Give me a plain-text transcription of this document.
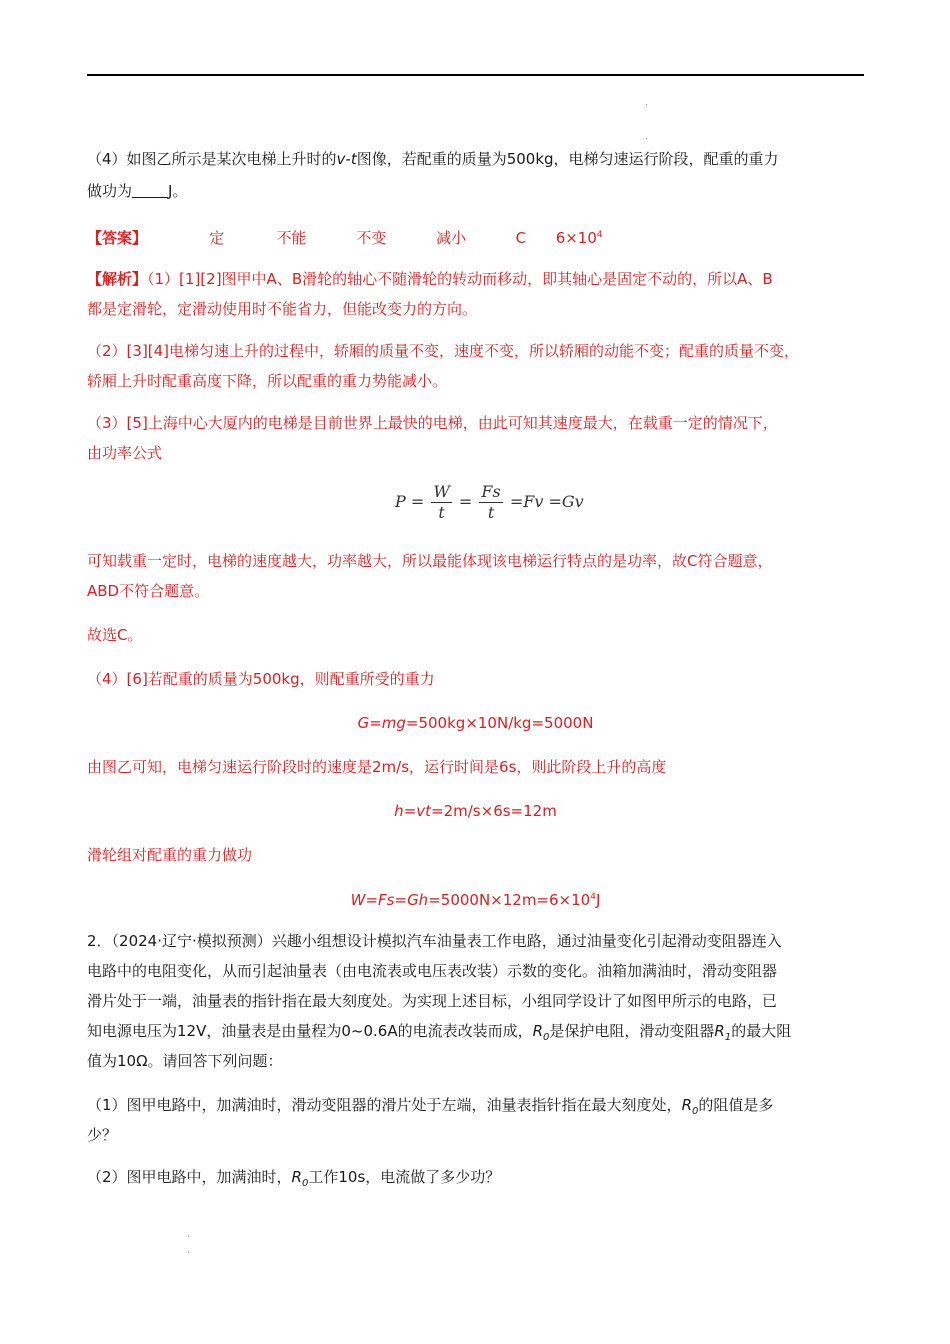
（4）如图乙所示是某次电梯上升时的v-t图像，若配重的质量为500kg，电梯匀速运行阶段，配重的重力
做功为 J。
【答案】	定	不能	不变	减小	C $6\times 10^4$
【解析】（1）[1][2]图甲中A、B滑轮的轴心不随滑轮的转动而移动，即其轴心是固定不动的，所以A、B
都是定滑轮，定滑动使用时不能省力，但能改变力的方向。
（2）[3][4]电梯匀速上升的过程中，轿厢的质量不变，速度不变，所以轿厢的动能不变；配重的质量不变，
轿厢上升时配重高度下降，所以配重的重力势能减小。
（3）[5]上海中心大厦内的电梯是目前世界上最快的电梯，由此可知其速度最大，在载重一定的情况下，
由功率公式
$P = \frac{W}{t} = \frac{Fs}{t} =Fv =Gv$
可知载重一定时，电梯的速度越大，功率越大，所以最能体现该电梯运行特点的是功率，故C符合题意，
ABD不符合题意。
故选C。
（4）[6]若配重的质量为500kg，则配重所受的重力
G=mg=500kg×10N/kg=5000N
由图乙可知，电梯匀速运行阶段时的速度是2m/s，运行时间是6s，则此阶段上升的高度
h=vt=2m/s×6s=12m
滑轮组对配重的重力做功
$W=Fs=Gh=5000N\times 12m=6\times 10^4J$
2．（2024·辽宁·模拟预测）兴趣小组想设计模拟汽车油量表工作电路，通过油量变化引起滑动变阻器连入
电路中的电阻变化，从而引起油量表（由电流表或电压表改装）示数的变化。油箱加满油时，滑动变阻器
滑片处于一端，油量表的指针指在最大刻度处。为实现上述目标，小组同学设计了如图甲所示的电路，已
知电源电压为12V，油量表是由量程为0~0.6A的电流表改装而成，$R_0$是保护电阻，滑动变阻器$R_1$的最大阻
值为10Ω。请回答下列问题：
（1）图甲电路中，加满油时，滑动变阻器的滑片处于左端，油量表指针指在最大刻度处，$R_0$的阻值是多
少？
（2）图甲电路中，加满油时，$R_0$工作10s，电流做了多少功？
